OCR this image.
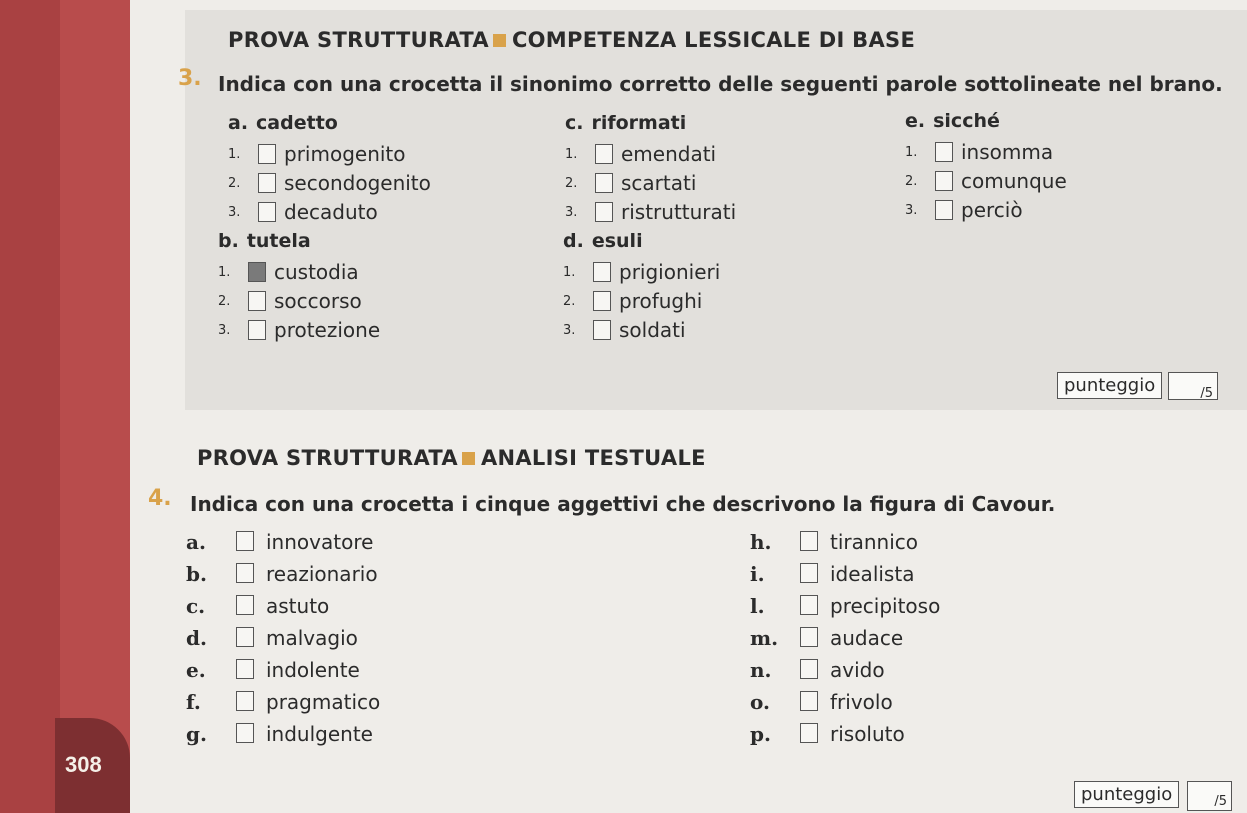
PROVA STRUTTURATA COMPETENZA LESSICALE DI BASE
3. Indica con una crocetta il sinonimo corretto delle seguenti parole sottolineate nel brano.
a. cadetto
1. primogenito
2. secondogenito
3. decaduto
c. riformati
1. emendati
2. scartati
3. ristrutturati
e. sicché
1. insomma
2. comunque
3. perciò
b. tutela
1. custodia
2. soccorso
3. protezione
d. esuli
1. prigionieri
2. profughi
3. soldati
punteggio	/5
PROVA STRUTTURATA ANALISI TESTUALE
4. Indica con una crocetta i cinque aggettivi che descrivono la figura di Cavour.
a.	innovatore
b.	reazionario
c.	astuto
d.	malvagio
e.	indolente
f.	pragmatico
g.	indulgente
h.	tirannico
i.	idealista
l.	precipitoso
m.	audace
n.	avido
o.	frivolo
p.	risoluto
punteggio	/5
308
